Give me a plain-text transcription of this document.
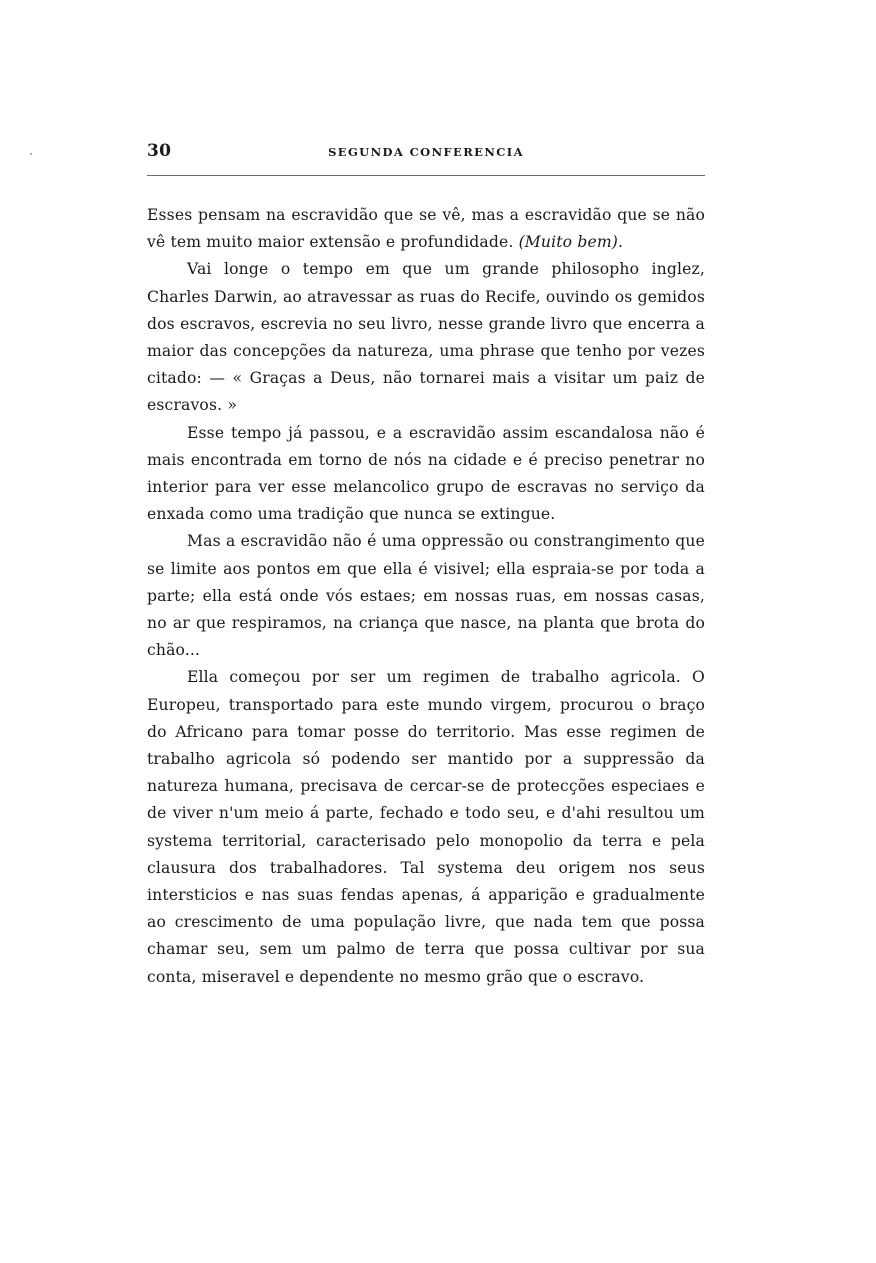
30	SEGUNDA CONFERENCIA

Esses pensam na escravidão que se vê, mas a escravidão que se não vê tem muito maior extensão e profundidade. (Muito bem).

Vai longe o tempo em que um grande philosopho inglez, Charles Darwin, ao atravessar as ruas do Recife, ouvindo os gemidos dos escravos, escrevia no seu livro, nesse grande livro que encerra a maior das concepções da natureza, uma phrase que tenho por vezes citado: — « Graças a Deus, não tornarei mais a visitar um paiz de escravos. »

Esse tempo já passou, e a escravidão assim escandalosa não é mais encontrada em torno de nós na cidade e é preciso penetrar no interior para ver esse melancolico grupo de escravas no serviço da enxada como uma tradição que nunca se extingue.

Mas a escravidão não é uma oppressão ou constrangimento que se limite aos pontos em que ella é visivel; ella espraia-se por toda a parte; ella está onde vós estaes; em nossas ruas, em nossas casas, no ar que respiramos, na criança que nasce, na planta que brota do chão...

Ella começou por ser um regimen de trabalho agricola. O Europeu, transportado para este mundo virgem, procurou o braço do Africano para tomar posse do territorio. Mas esse regimen de trabalho agricola só podendo ser mantido por a suppressão da natureza humana, precisava de cercar-se de protecções especiaes e de viver n'um meio á parte, fechado e todo seu, e d'ahi resultou um systema territorial, caracterisado pelo monopolio da terra e pela clausura dos trabalhadores. Tal systema deu origem nos seus intersticios e nas suas fendas apenas, á apparição e gradualmente ao crescimento de uma população livre, que nada tem que possa chamar seu, sem um palmo de terra que possa cultivar por sua conta, miseravel e dependente no mesmo grão que o escravo.
